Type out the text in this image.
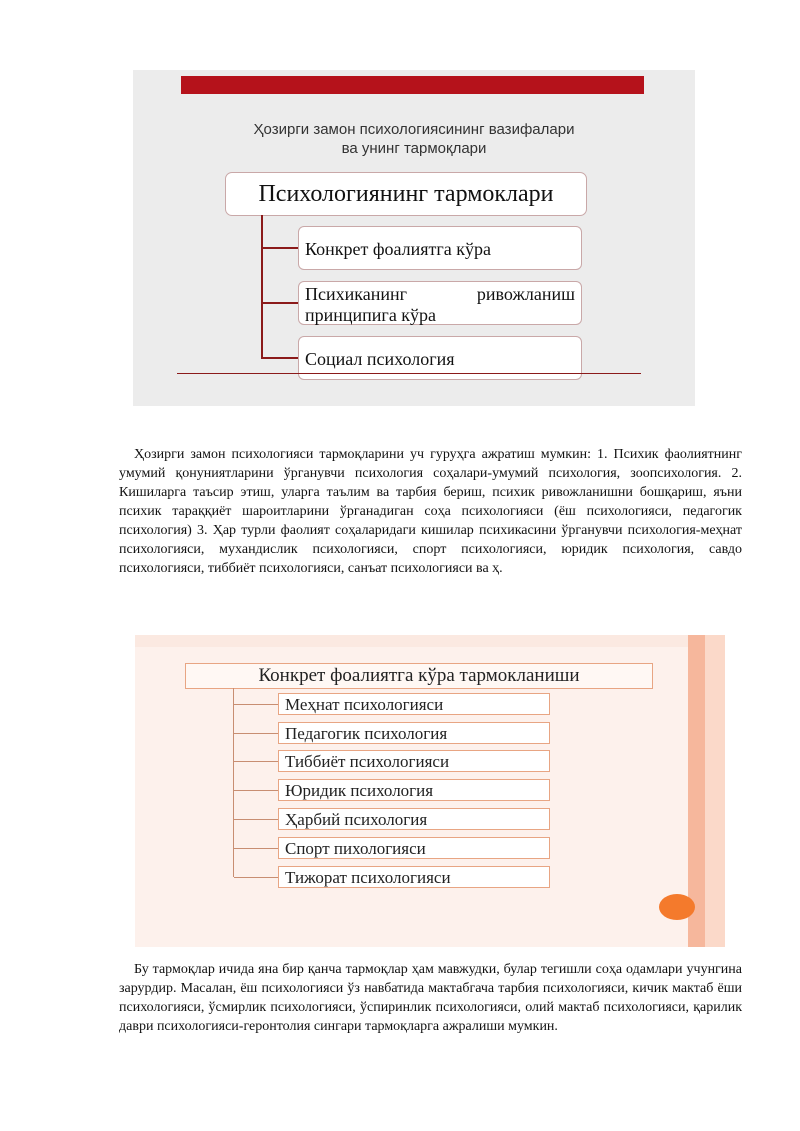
Ҳозирги замон психологиясининг вазифалари
ва унинг тармоқлари
Психологиянинг тармоклари
Конкрет фоалиятга кўра
Психиканинг ривожланиш
принципига кўра
Социал психология

Ҳозирги замон психологияси тармоқларини уч гуруҳга ажратиш мумкин: 1. Психик фаолиятнинг умумий қонуниятларини ўрганувчи психология соҳалари-умумий психология, зоопсихология. 2. Кишиларга таъсир этиш, уларга таълим ва тарбия бериш, психик ривожланишни бошқариш, яъни психик тараққиёт шароитларини ўрганадиган соҳа психологияси (ёш психологияси, педагогик психология) 3. Ҳар турли фаолият соҳаларидаги кишилар психикасини ўрганувчи психология-меҳнат психологияси, мухандислик психологияси, спорт психологияси, юридик психология, савдо психологияси, тиббиёт психологияси, санъат психологияси ва ҳ.

Конкрет фоалиятга кўра тармокланиши
Меҳнат психологияси
Педагогик психология
Тиббиёт психологияси
Юридик психология
Ҳарбий психология
Спорт пихологияси
Тижорат психологияси

Бу тармоқлар ичида яна бир қанча тармоқлар ҳам мавжудки, булар тегишли соҳа одамлари учунгина зарурдир. Масалан, ёш психологияси ўз навбатида мактабгача тарбия психологияси, кичик мактаб ёши психологияси, ўсмирлик психологияси, ўспиринлик психологияси, олий мактаб психологияси, қарилик даври психологияси-геронтолия сингари тармоқларга ажралиши мумкин.
